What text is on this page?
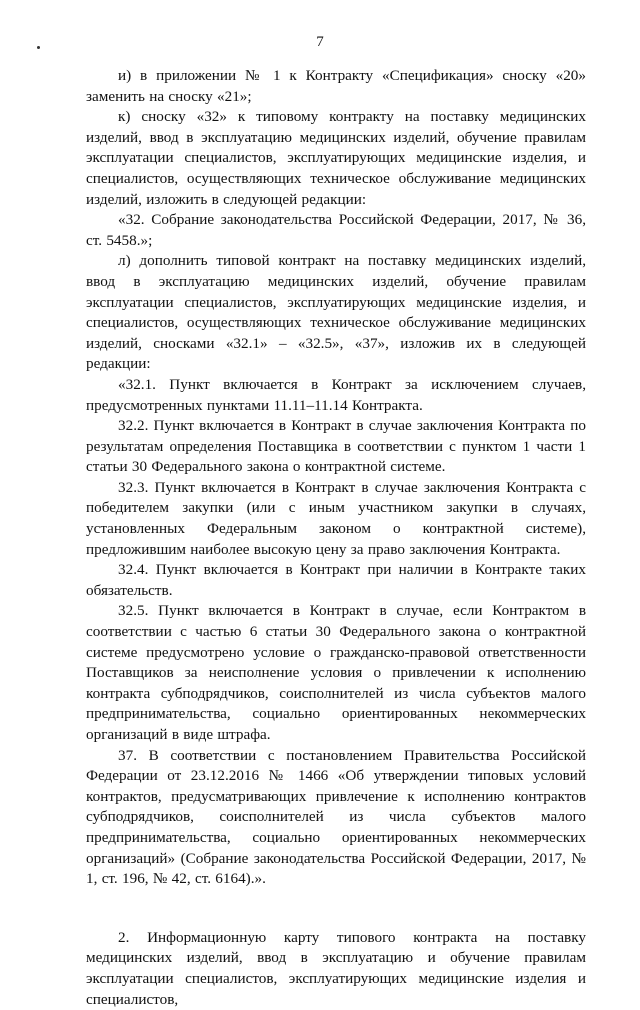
7

и) в приложении № 1 к Контракту «Спецификация» сноску «20» заменить на сноску «21»;

к) сноску «32» к типовому контракту на поставку медицинских изделий, ввод в эксплуатацию медицинских изделий, обучение правилам эксплуатации специалистов, эксплуатирующих медицинские изделия, и специалистов, осуществляющих техническое обслуживание медицинских изделий, изложить в следующей редакции:

«32. Собрание законодательства Российской Федерации, 2017, № 36, ст. 5458.»;

л) дополнить типовой контракт на поставку медицинских изделий, ввод в эксплуатацию медицинских изделий, обучение правилам эксплуатации специалистов, эксплуатирующих медицинские изделия, и специалистов, осуществляющих техническое обслуживание медицинских изделий, сносками «32.1» – «32.5», «37», изложив их в следующей редакции:

«32.1. Пункт включается в Контракт за исключением случаев, предусмотренных пунктами 11.11–11.14 Контракта.

32.2. Пункт включается в Контракт в случае заключения Контракта по результатам определения Поставщика в соответствии с пунктом 1 части 1 статьи 30 Федерального закона о контрактной системе.

32.3. Пункт включается в Контракт в случае заключения Контракта с победителем закупки (или с иным участником закупки в случаях, установленных Федеральным законом о контрактной системе), предложившим наиболее высокую цену за право заключения Контракта.

32.4. Пункт включается в Контракт при наличии в Контракте таких обязательств.

32.5. Пункт включается в Контракт в случае, если Контрактом в соответствии с частью 6 статьи 30 Федерального закона о контрактной системе предусмотрено условие о гражданско-правовой ответственности Поставщиков за неисполнение условия о привлечении к исполнению контракта субподрядчиков, соисполнителей из числа субъектов малого предпринимательства, социально ориентированных некоммерческих организаций в виде штрафа.

37. В соответствии с постановлением Правительства Российской Федерации от 23.12.2016 № 1466 «Об утверждении типовых условий контрактов, предусматривающих привлечение к исполнению контрактов субподрядчиков, соисполнителей из числа субъектов малого предпринимательства, социально ориентированных некоммерческих организаций» (Собрание законодательства Российской Федерации, 2017, № 1, ст. 196, № 42, ст. 6164).».

2. Информационную карту типового контракта на поставку медицинских изделий, ввод в эксплуатацию и обучение правилам эксплуатации специалистов, эксплуатирующих медицинские изделия и специалистов,
